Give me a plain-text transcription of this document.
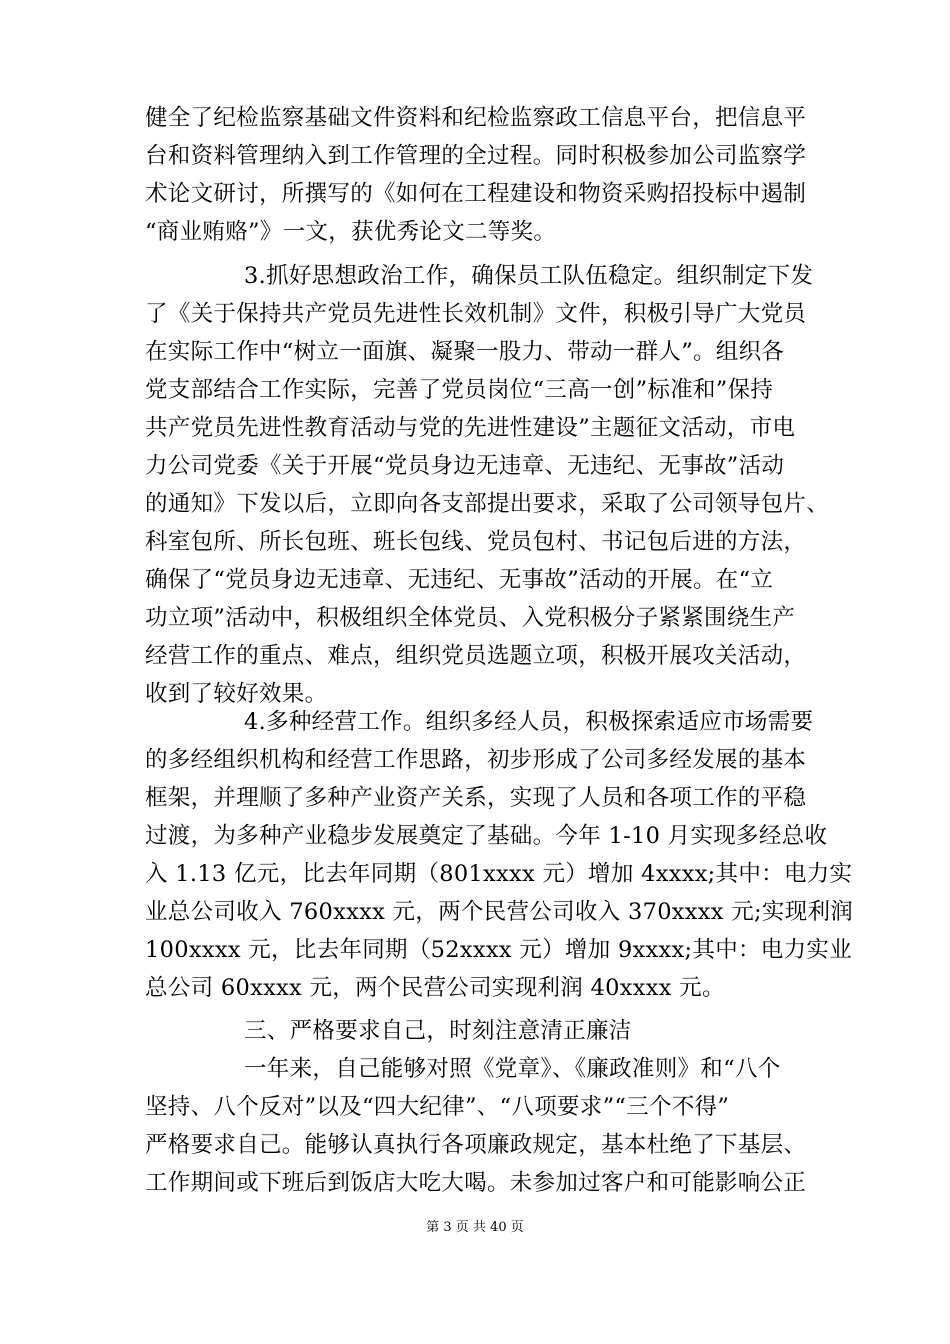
健全了纪检监察基础文件资料和纪检监察政工信息平台，把信息平
台和资料管理纳入到工作管理的全过程。同时积极参加公司监察学
术论文研讨，所撰写的《如何在工程建设和物资采购招投标中遏制
“商业贿赂”》一文，获优秀论文二等奖。
3.抓好思想政治工作，确保员工队伍稳定。组织制定下发
了《关于保持共产党员先进性长效机制》文件，积极引导广大党员
在实际工作中“树立一面旗、凝聚一股力、带动一群人”。组织各
党支部结合工作实际，完善了党员岗位“三高一创”标准和”保持
共产党员先进性教育活动与党的先进性建设”主题征文活动，市电
力公司党委《关于开展“党员身边无违章、无违纪、无事故”活动
的通知》下发以后，立即向各支部提出要求，采取了公司领导包片、
科室包所、所长包班、班长包线、党员包村、书记包后进的方法，
确保了“党员身边无违章、无违纪、无事故”活动的开展。在“立
功立项”活动中，积极组织全体党员、入党积极分子紧紧围绕生产
经营工作的重点、难点，组织党员选题立项，积极开展攻关活动，
收到了较好效果。
4.多种经营工作。组织多经人员，积极探索适应市场需要
的多经组织机构和经营工作思路，初步形成了公司多经发展的基本
框架，并理顺了多种产业资产关系，实现了人员和各项工作的平稳
过渡，为多种产业稳步发展奠定了基础。今年 1-10 月实现多经总收
入 1.13 亿元，比去年同期（801xxxx 元）增加 4xxxx;其中：电力实
业总公司收入 760xxxx 元，两个民营公司收入 370xxxx 元;实现利润
100xxxx 元，比去年同期（52xxxx 元）增加 9xxxx;其中：电力实业
总公司 60xxxx 元，两个民营公司实现利润 40xxxx 元。
三、严格要求自己，时刻注意清正廉洁
一年来，自己能够对照《党章》、《廉政准则》和“八个
坚持、八个反对”以及“四大纪律”、“八项要求”“三个不得”
严格要求自己。能够认真执行各项廉政规定，基本杜绝了下基层、
工作期间或下班后到饭店大吃大喝。未参加过客户和可能影响公正
第 3 页 共 40 页
